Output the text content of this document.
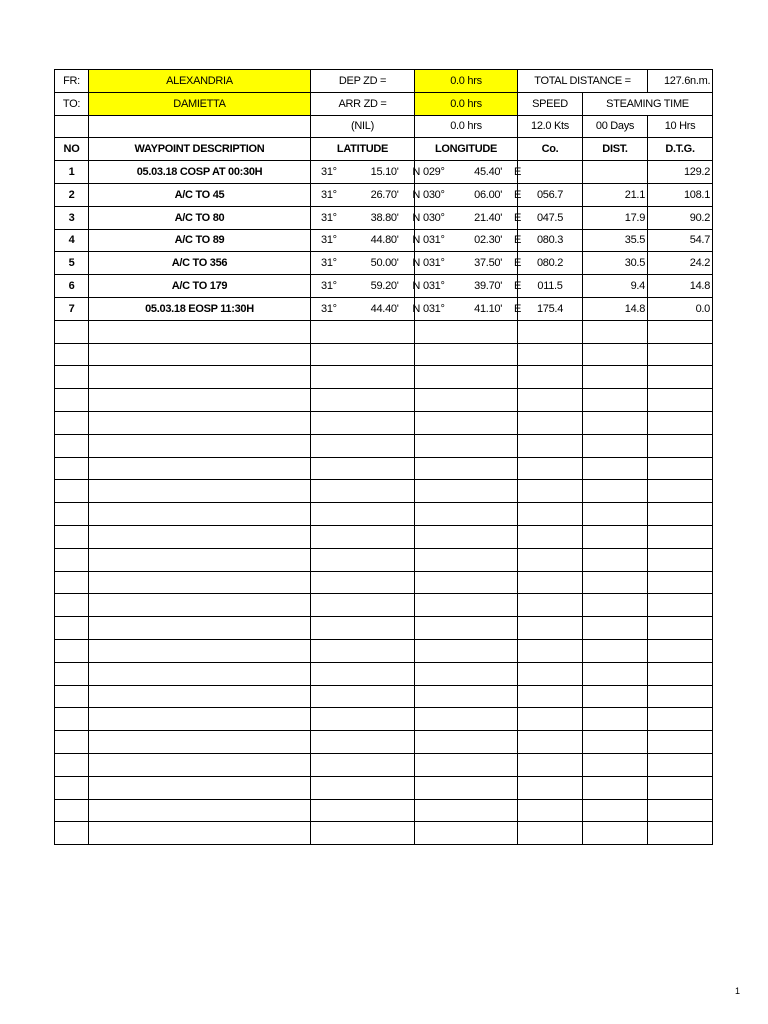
FR:	ALEXANDRIA	DEP ZD =	0.0 hrs	TOTAL DISTANCE =		127.6n.m.	
TO:	DAMIETTA	ARR ZD =	0.0 hrs	SPEED	STEAMING TIME		
		(NIL)	0.0 hrs	12.0 Kts	00 Days	10 Hrs	
NO	WAYPOINT DESCRIPTION	LATITUDE	LONGITUDE	Co.	DIST.	D.T.G.	
1	05.03.18 COSP AT 00:30H	31° 15.10' N	029° 45.40' E			129.2	
2	A/C TO 45	31° 26.70' N	030° 06.00' E	056.7	21.1	108.1	
3	A/C TO 80	31° 38.80' N	030° 21.40' E	047.5	17.9	90.2	
4	A/C TO 89	31° 44.80' N	031° 02.30' E	080.3	35.5	54.7	
5	A/C TO 356	31° 50.00' N	031° 37.50' E	080.2	30.5	24.2	
6	A/C TO 179	31° 59.20' N	031° 39.70' E	011.5	9.4	14.8	
7	05.03.18 EOSP 11:30H	31° 44.40' N	031° 41.10' E	175.4	14.8	0.0	

1
